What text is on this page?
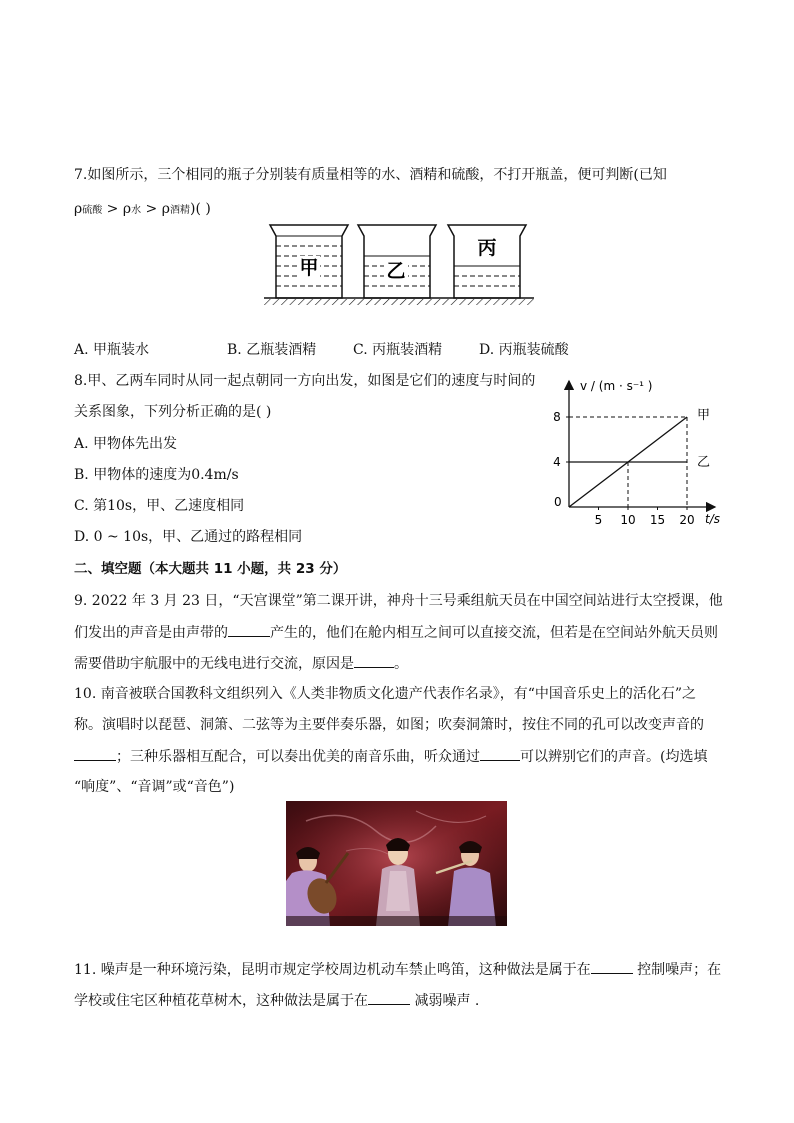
7.如图所示，三个相同的瓶子分别装有质量相等的水、酒精和硫酸，不打开瓶盖，便可判断(已知
ρ硫酸 > ρ水 > ρ酒精)( )
甲	乙
丙
A. 甲瓶装水	B. 乙瓶装酒精	C. 丙瓶装酒精	D. 丙瓶装硫酸
8.甲、乙两车同时从同一起点朝同一方向出发，如图是它们的速度与时间的
关系图象，下列分析正确的是( )
A. 甲物体先出发
B. 甲物体的速度为0.4m/s
C. 第10s，甲、乙速度相同
D. 0 ~ 10s，甲、乙通过的路程相同
v / (m · s⁻¹ )
t/s
0
4
8
5 10 15 20
甲
乙
二、填空题（本大题共 11 小题，共 23 分）
9. 2022 年 3 月 23 日，“天宫课堂”第二课开讲，神舟十三号乘组航天员在中国空间站进行太空授课，他
们发出的声音是由声带的	产生的，他们在舱内相互之间可以直接交流，但若是在空间站外航天员则
需要借助宇航服中的无线电进行交流，原因是	。
10. 南音被联合国教科文组织列入《人类非物质文化遗产代表作名录》，有“中国音乐史上的活化石”之
称。演唱时以琵琶、洞箫、二弦等为主要伴奏乐器，如图；吹奏洞箫时，按住不同的孔可以改变声音的
；三种乐器相互配合，可以奏出优美的南音乐曲，听众通过	可以辨别它们的声音。(均选填
“响度”、“音调”或“音色”)
11. 噪声是一种环境污染，昆明市规定学校周边机动车禁止鸣笛，这种做法是属于在	控制噪声；在
学校或住宅区种植花草树木，这种做法是属于在	减弱噪声 .
